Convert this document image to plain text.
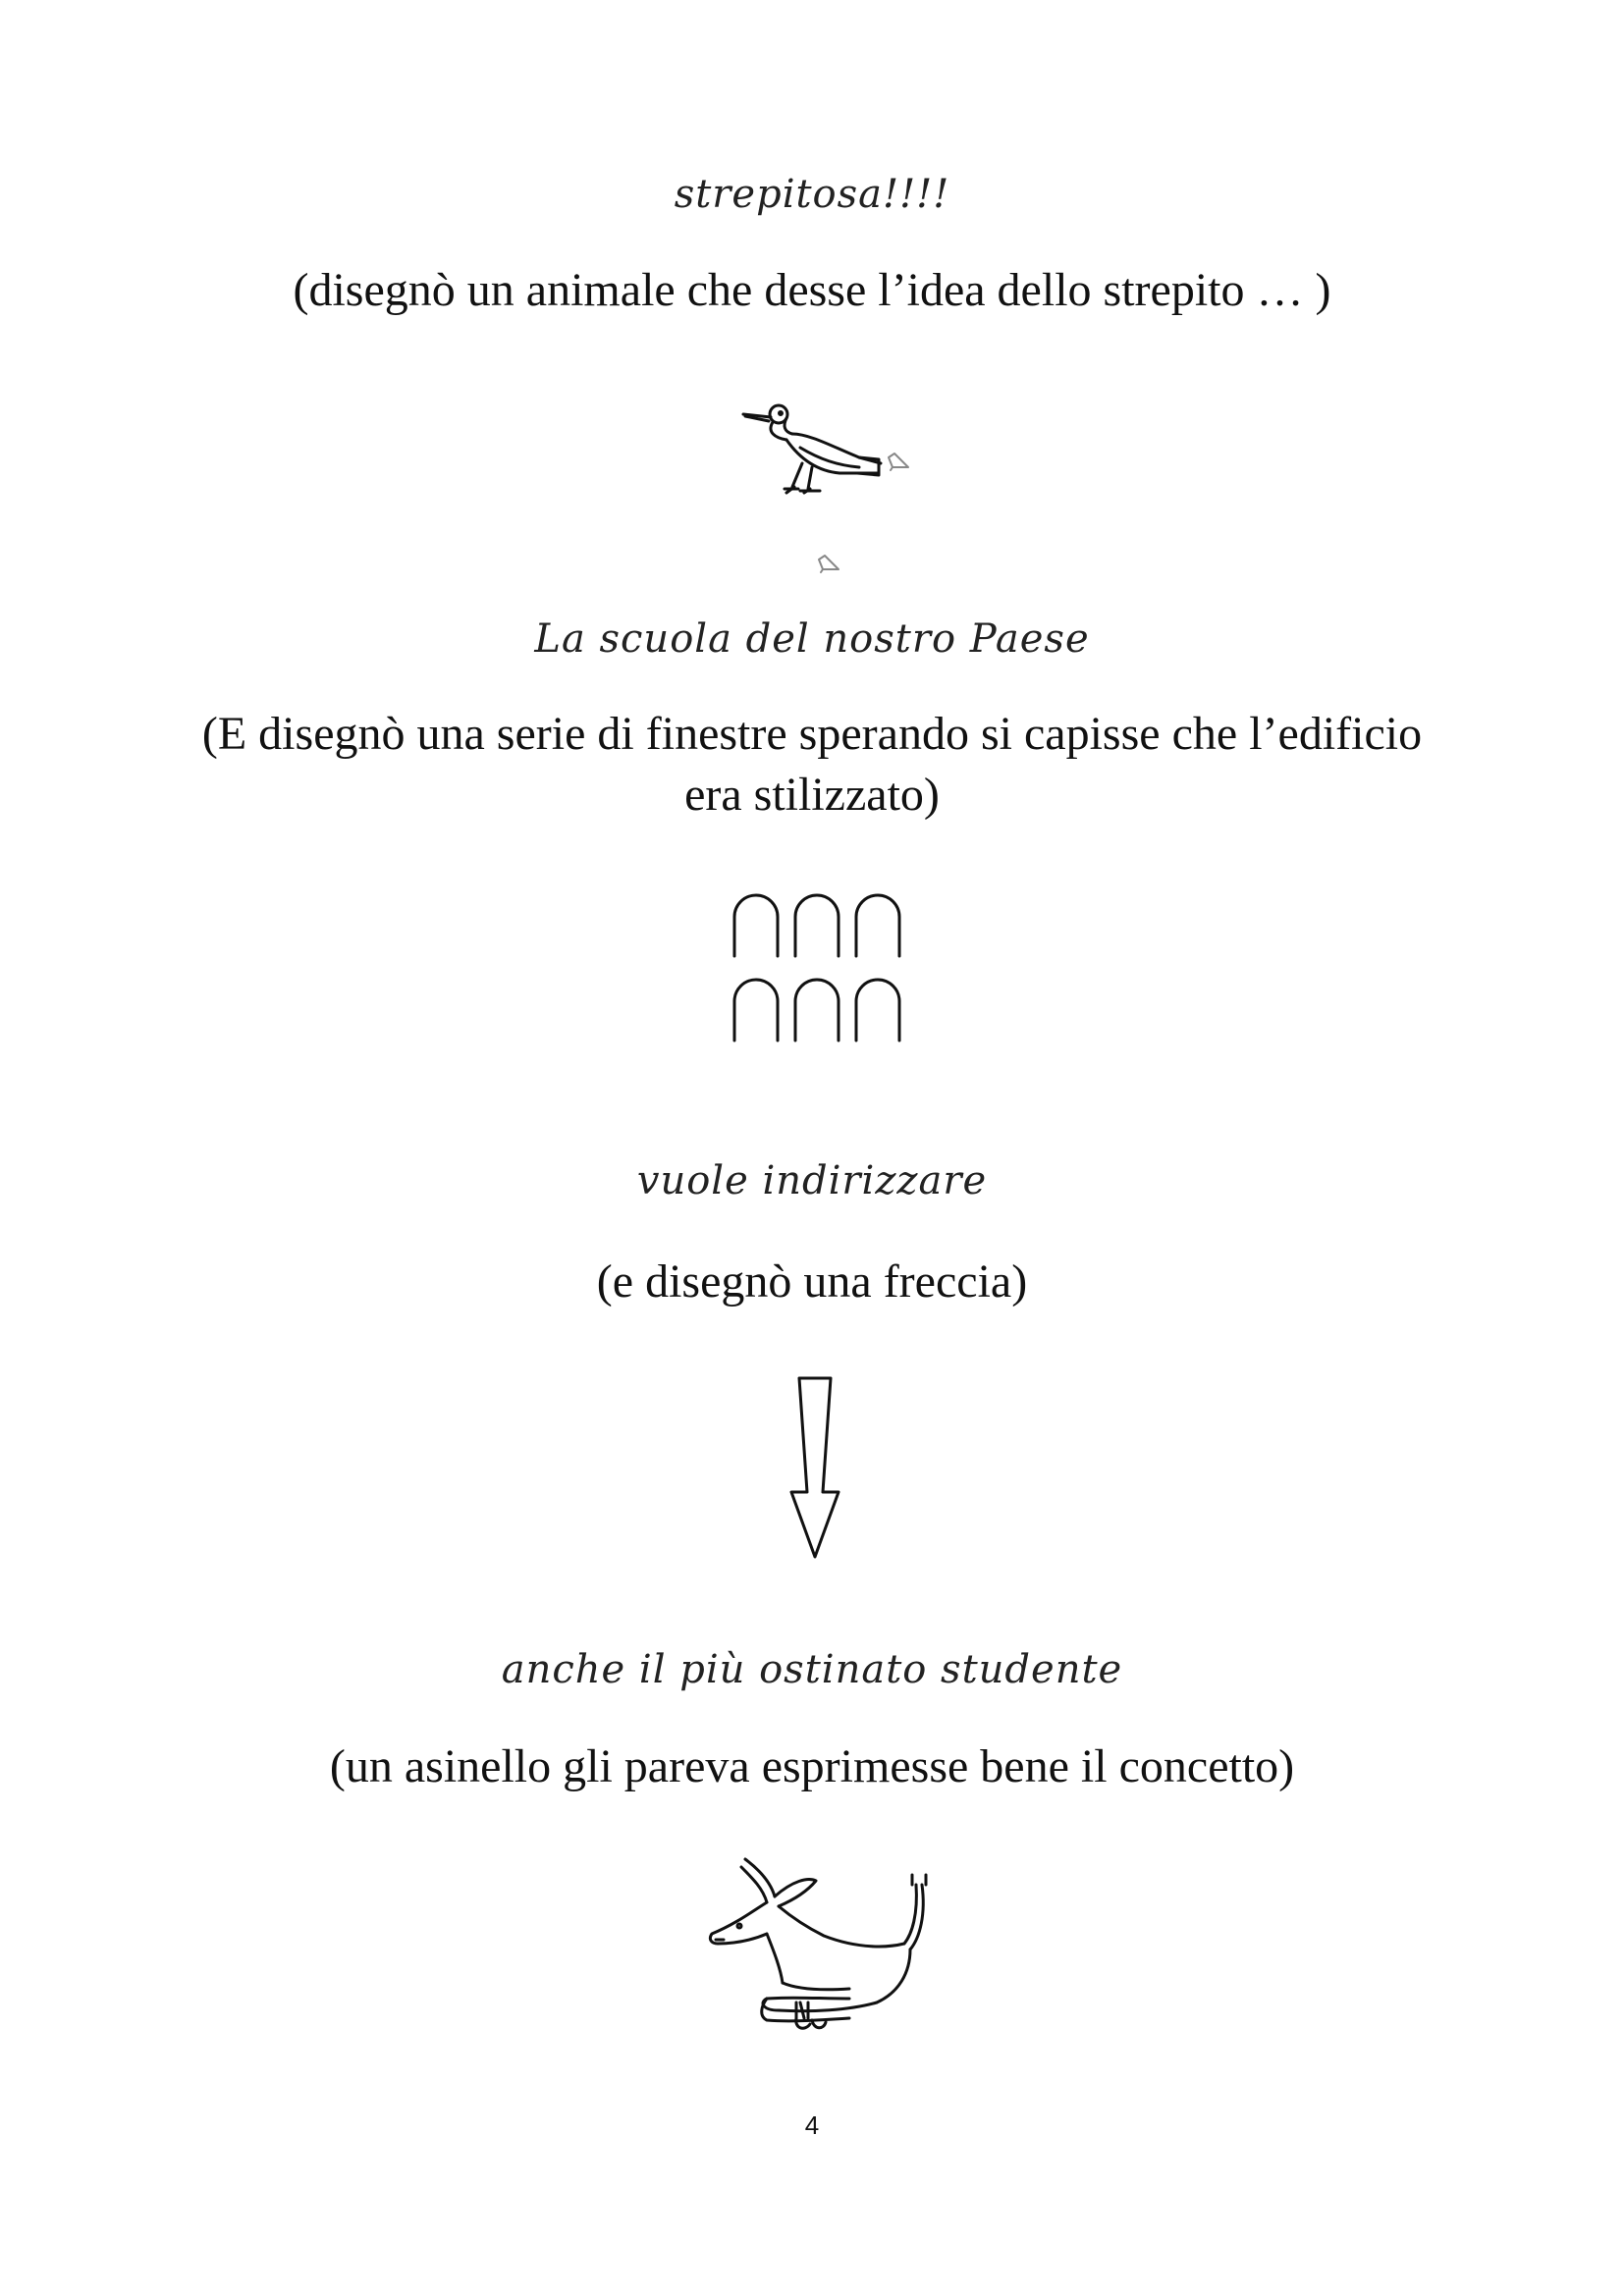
strepitosa!!!!
(disegnò un animale che desse l’idea dello strepito … )
La scuola del nostro Paese
(E disegnò una serie di finestre sperando si capisse che l’edificio
era stilizzato)
vuole indirizzare
(e disegnò una freccia)
anche il più ostinato studente
(un asinello gli pareva esprimesse bene il concetto)
4
